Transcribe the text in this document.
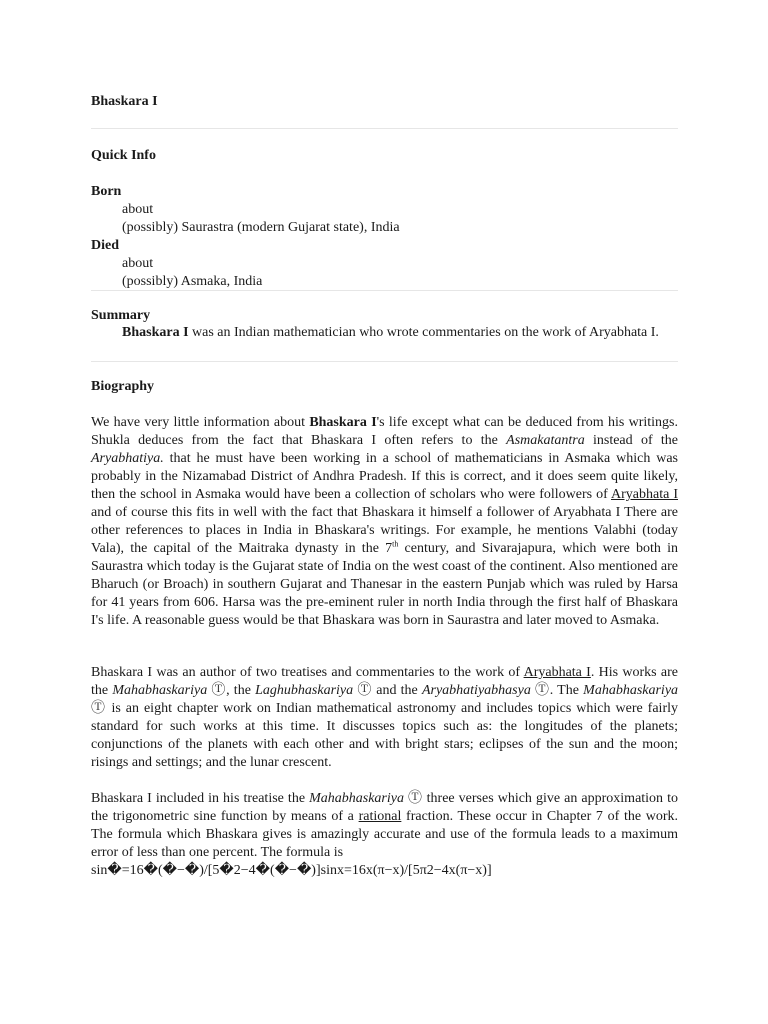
Bhaskara I
Quick Info
Born
about
(possibly) Saurastra (modern Gujarat state), India
Died
about
(possibly) Asmaka, India
Summary
Bhaskara I was an Indian mathematician who wrote commentaries on the work of Aryabhata I.
Biography
We have very little information about Bhaskara I's life except what can be deduced from his writings. Shukla deduces from the fact that Bhaskara I often refers to the Asmakatantra instead of the Aryabhatiya. that he must have been working in a school of mathematicians in Asmaka which was probably in the Nizamabad District of Andhra Pradesh. If this is correct, and it does seem quite likely, then the school in Asmaka would have been a collection of scholars who were followers of Aryabhata I and of course this fits in well with the fact that Bhaskara it himself a follower of Aryabhata I There are other references to places in India in Bhaskara's writings. For example, he mentions Valabhi (today Vala), the capital of the Maitraka dynasty in the 7th century, and Sivarajapura, which were both in Saurastra which today is the Gujarat state of India on the west coast of the continent. Also mentioned are Bharuch (or Broach) in southern Gujarat and Thanesar in the eastern Punjab which was ruled by Harsa for 41 years from 606. Harsa was the pre-eminent ruler in north India through the first half of Bhaskara I's life. A reasonable guess would be that Bhaskara was born in Saurastra and later moved to Asmaka.
Bhaskara I was an author of two treatises and commentaries to the work of Aryabhata I. His works are the Mahabhaskariya Ⓣ, the Laghubhaskariya Ⓣ and the Aryabhatiyabhasya Ⓣ. The Mahabhaskariya Ⓣ is an eight chapter work on Indian mathematical astronomy and includes topics which were fairly standard for such works at this time. It discusses topics such as: the longitudes of the planets; conjunctions of the planets with each other and with bright stars; eclipses of the sun and the moon; risings and settings; and the lunar crescent.
Bhaskara I included in his treatise the Mahabhaskariya Ⓣ three verses which give an approximation to the trigonometric sine function by means of a rational fraction. These occur in Chapter 7 of the work. The formula which Bhaskara gives is amazingly accurate and use of the formula leads to a maximum error of less than one percent. The formula is
sin�=16�(�−�)/[5�2−4�(�−�)]sinx=16x(π−x)/[5π2−4x(π−x)]
